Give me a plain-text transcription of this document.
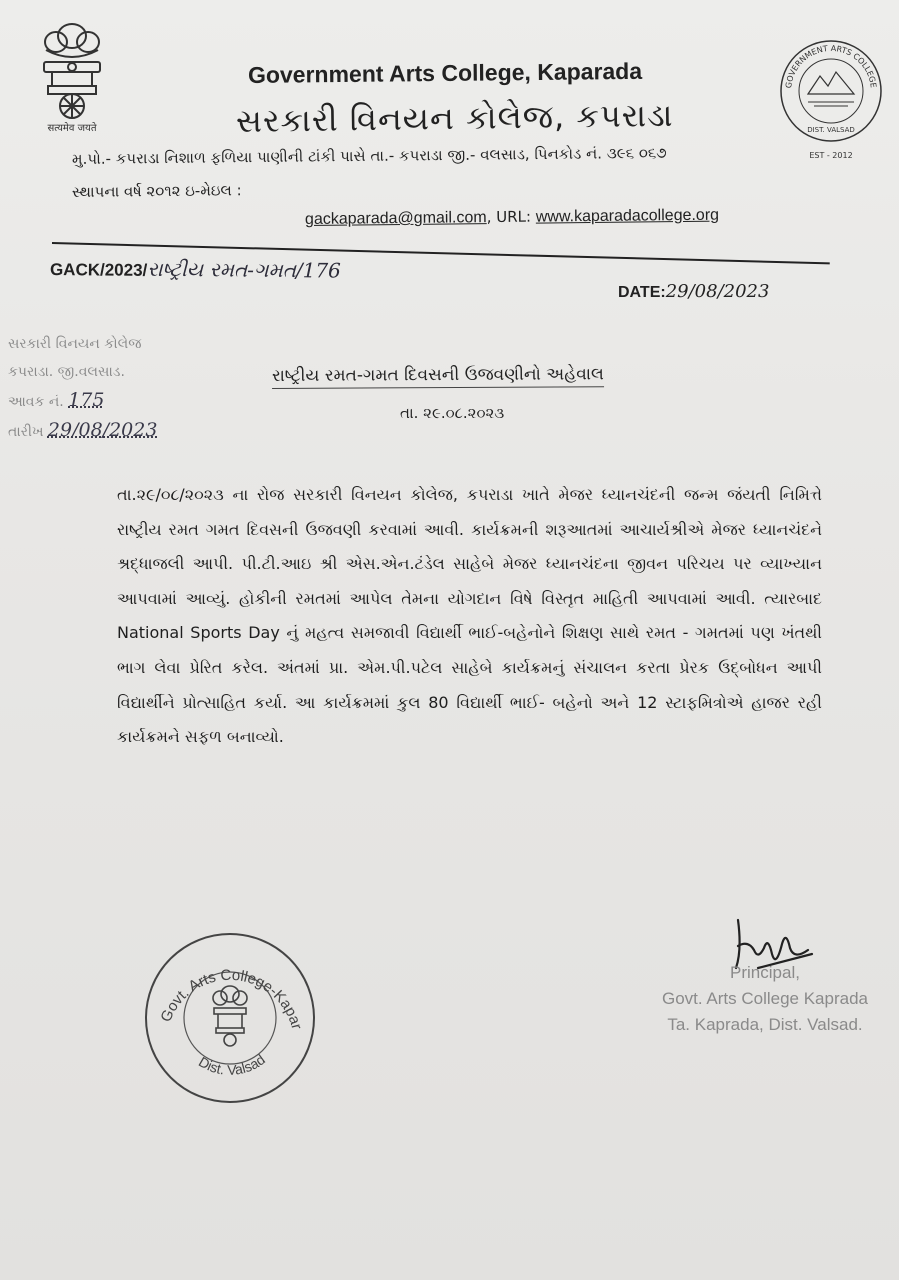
सत्यमेव जयते
Government Arts College, Kaparada
સરકારી વિનયન કોલેજ, કપરાડા
GOVERNMENT ARTS COLLEGE
DIST. VALSAD
EST - 2012
મુ.પો.- કપરાડા નિશાળ ફળિયા પાણીની ટાંકી પાસે તા.- કપરાડા જી.- વલસાડ, પિનકોડ નં. ૩૯૬ ૦૬૭
સ્થાપના વર્ષ ૨૦૧૨ ઇ-મેઇલ :
gackaparada@gmail.com, URL: www.kaparadacollege.org
GACK/2023/રાષ્ટ્રીય રમત-ગમત/176
DATE:29/08/2023
સરકારી વિનયન કોલેજ
કપરાડા. જી.વલસાડ.
આવક નં. 175
તારીખ 29/08/2023
રાષ્ટ્રીય રમત-ગમત દિવસની ઉજવણીનો અહેવાલ
તા. ૨૯.૦૮.૨૦૨૩

તા.૨૯/૦૮/૨૦૨૩ ના રોજ સરકારી વિનયન કોલેજ, કપરાડા ખાતે મેજર ધ્યાનચંદની જન્મ જંયતી નિમિત્તે રાષ્ટ્રીય રમત ગમત દિવસની ઉજવણી કરવામાં આવી. કાર્યક્રમની શરૂઆતમાં આચાર્યશ્રીએ મેજર ધ્યાનચંદને શ્રદ્ધાજલી આપી. પી.ટી.આઇ શ્રી એસ.એન.ટંડેલ સાહેબે મેજર ધ્યાનચંદના જીવન પરિચય પર વ્યાખ્યાન આપવામાં આવ્યું. હોકીની રમતમાં આપેલ તેમના યોગદાન વિષે વિસ્તૃત માહિતી આપવામાં આવી. ત્યારબાદ National Sports Day નું મહત્વ સમજાવી વિદ્યાર્થી ભાઈ-બહેનોને શિક્ષણ સાથે રમત - ગમતમાં પણ ખંતથી ભાગ લેવા પ્રેરિત કરેલ. અંતમાં પ્રા. એમ.પી.પટેલ સાહેબે કાર્યક્રમનું સંચાલન કરતા પ્રેરક ઉદ્બોધન આપી વિદ્યાર્થીને પ્રોત્સાહિત કર્યા. આ કાર્યક્રમમાં કુલ 80 વિદ્યાર્થી ભાઈ- બહેનો અને 12 સ્ટાફમિત્રોએ હાજર રહી કાર્યક્રમને સફળ બનાવ્યો.

Govt. Arts College-Kapar
Dist. Valsad
Principal,
Govt. Arts College Kaprada
Ta. Kaprada, Dist. Valsad.
